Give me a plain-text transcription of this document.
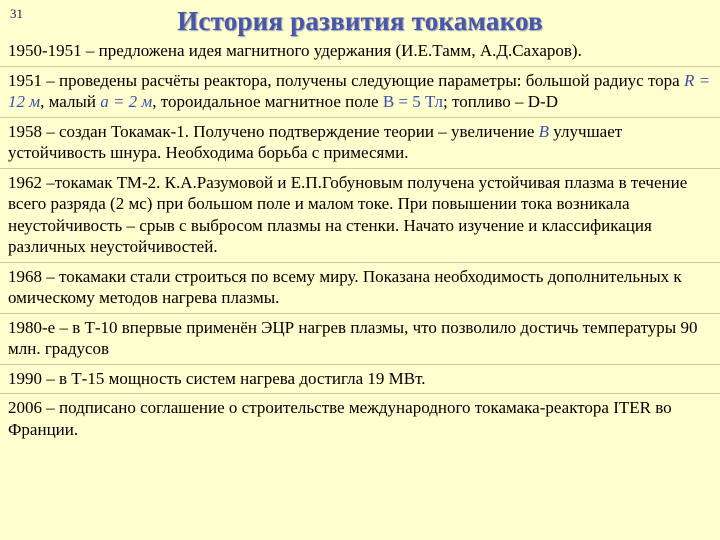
31	История развития токамаков
1950-1951 – предложена идея магнитного удержания (И.Е.Тамм, А.Д.Сахаров).
1951 – проведены расчёты реактора, получены следующие параметры: большой радиус тора R = 12 м, малый a = 2 м, тороидальное магнитное поле B = 5 Тл; топливо – D-D
1958 – создан Токамак-1. Получено подтверждение теории – увеличение B улучшает устойчивость шнура. Необходима борьба с примесями.
1962 –токамак ТМ-2. К.А.Разумовой и Е.П.Гобуновым получена устойчивая плазма в течение всего разряда (2 мс) при большом поле и малом токе. При повышении тока возникала неустойчивость – срыв с выбросом плазмы на стенки. Начато изучение и классификация различных неустойчивостей.
1968 – токамаки стали строиться по всему миру. Показана необходимость дополнительных к омическому методов нагрева плазмы.
1980-е – в Т-10 впервые применён ЭЦР нагрев плазмы, что позволило достичь температуры 90 млн. градусов
1990 – в Т-15 мощность систем нагрева достигла 19 МВт.
2006 – подписано соглашение о строительстве международного токамака-реактора ITER во Франции.
